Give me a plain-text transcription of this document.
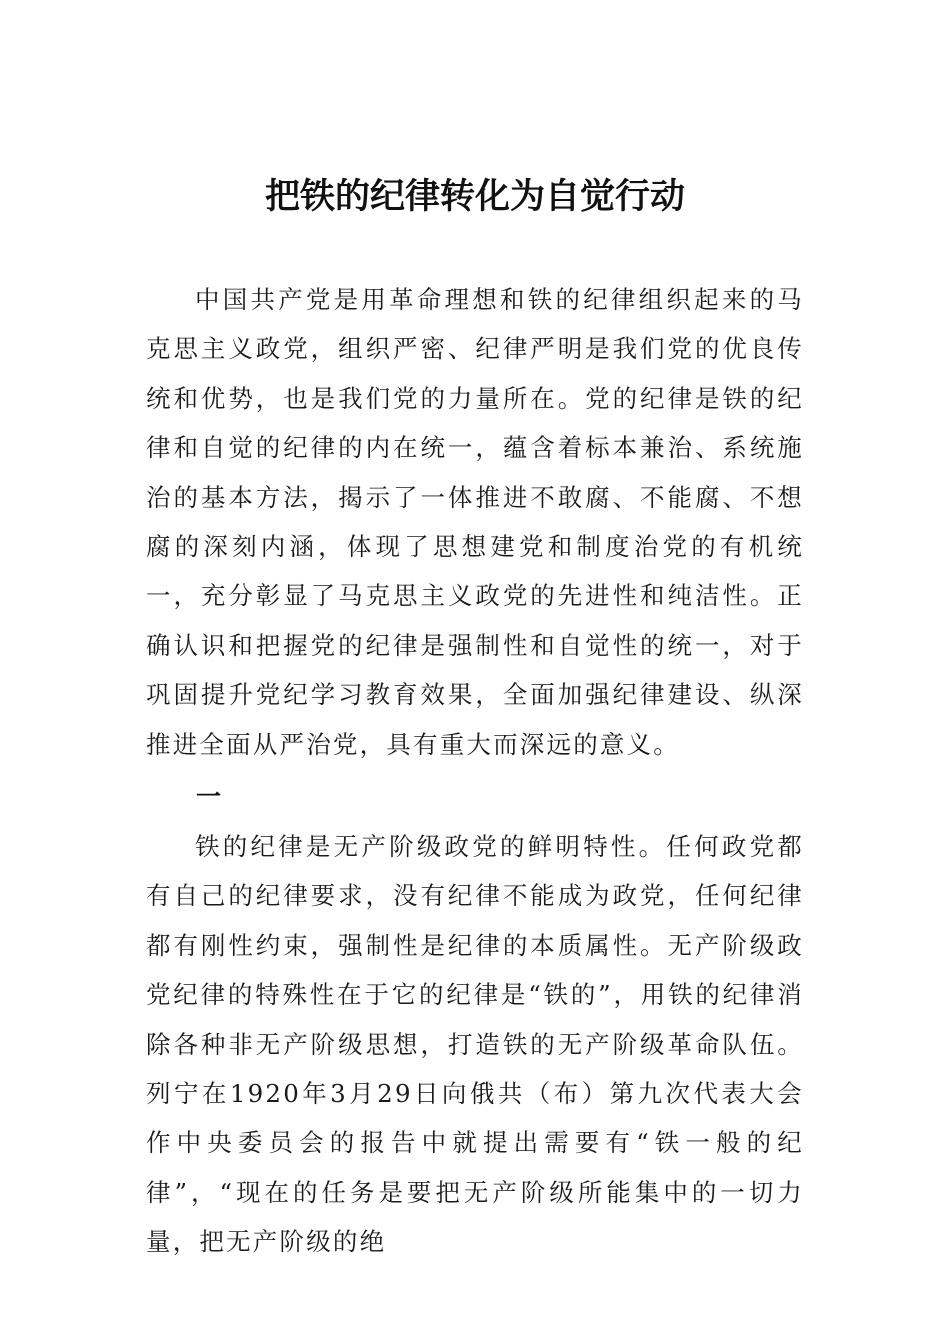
把铁的纪律转化为自觉行动

中国共产党是用革命理想和铁的纪律组织起来的马克思主义政党，组织严密、纪律严明是我们党的优良传统和优势，也是我们党的力量所在。党的纪律是铁的纪律和自觉的纪律的内在统一，蕴含着标本兼治、系统施治的基本方法，揭示了一体推进不敢腐、不能腐、不想腐的深刻内涵，体现了思想建党和制度治党的有机统一，充分彰显了马克思主义政党的先进性和纯洁性。正确认识和把握党的纪律是强制性和自觉性的统一，对于巩固提升党纪学习教育效果，全面加强纪律建设、纵深推进全面从严治党，具有重大而深远的意义。

一

铁的纪律是无产阶级政党的鲜明特性。任何政党都有自己的纪律要求，没有纪律不能成为政党，任何纪律都有刚性约束，强制性是纪律的本质属性。无产阶级政党纪律的特殊性在于它的纪律是“铁的”，用铁的纪律消除各种非无产阶级思想，打造铁的无产阶级革命队伍。列宁在1920年3月29日向俄共（布）第九次代表大会作中央委员会的报告中就提出需要有“铁一般的纪律”，“现在的任务是要把无产阶级所能集中的一切力量，把无产阶级的绝
